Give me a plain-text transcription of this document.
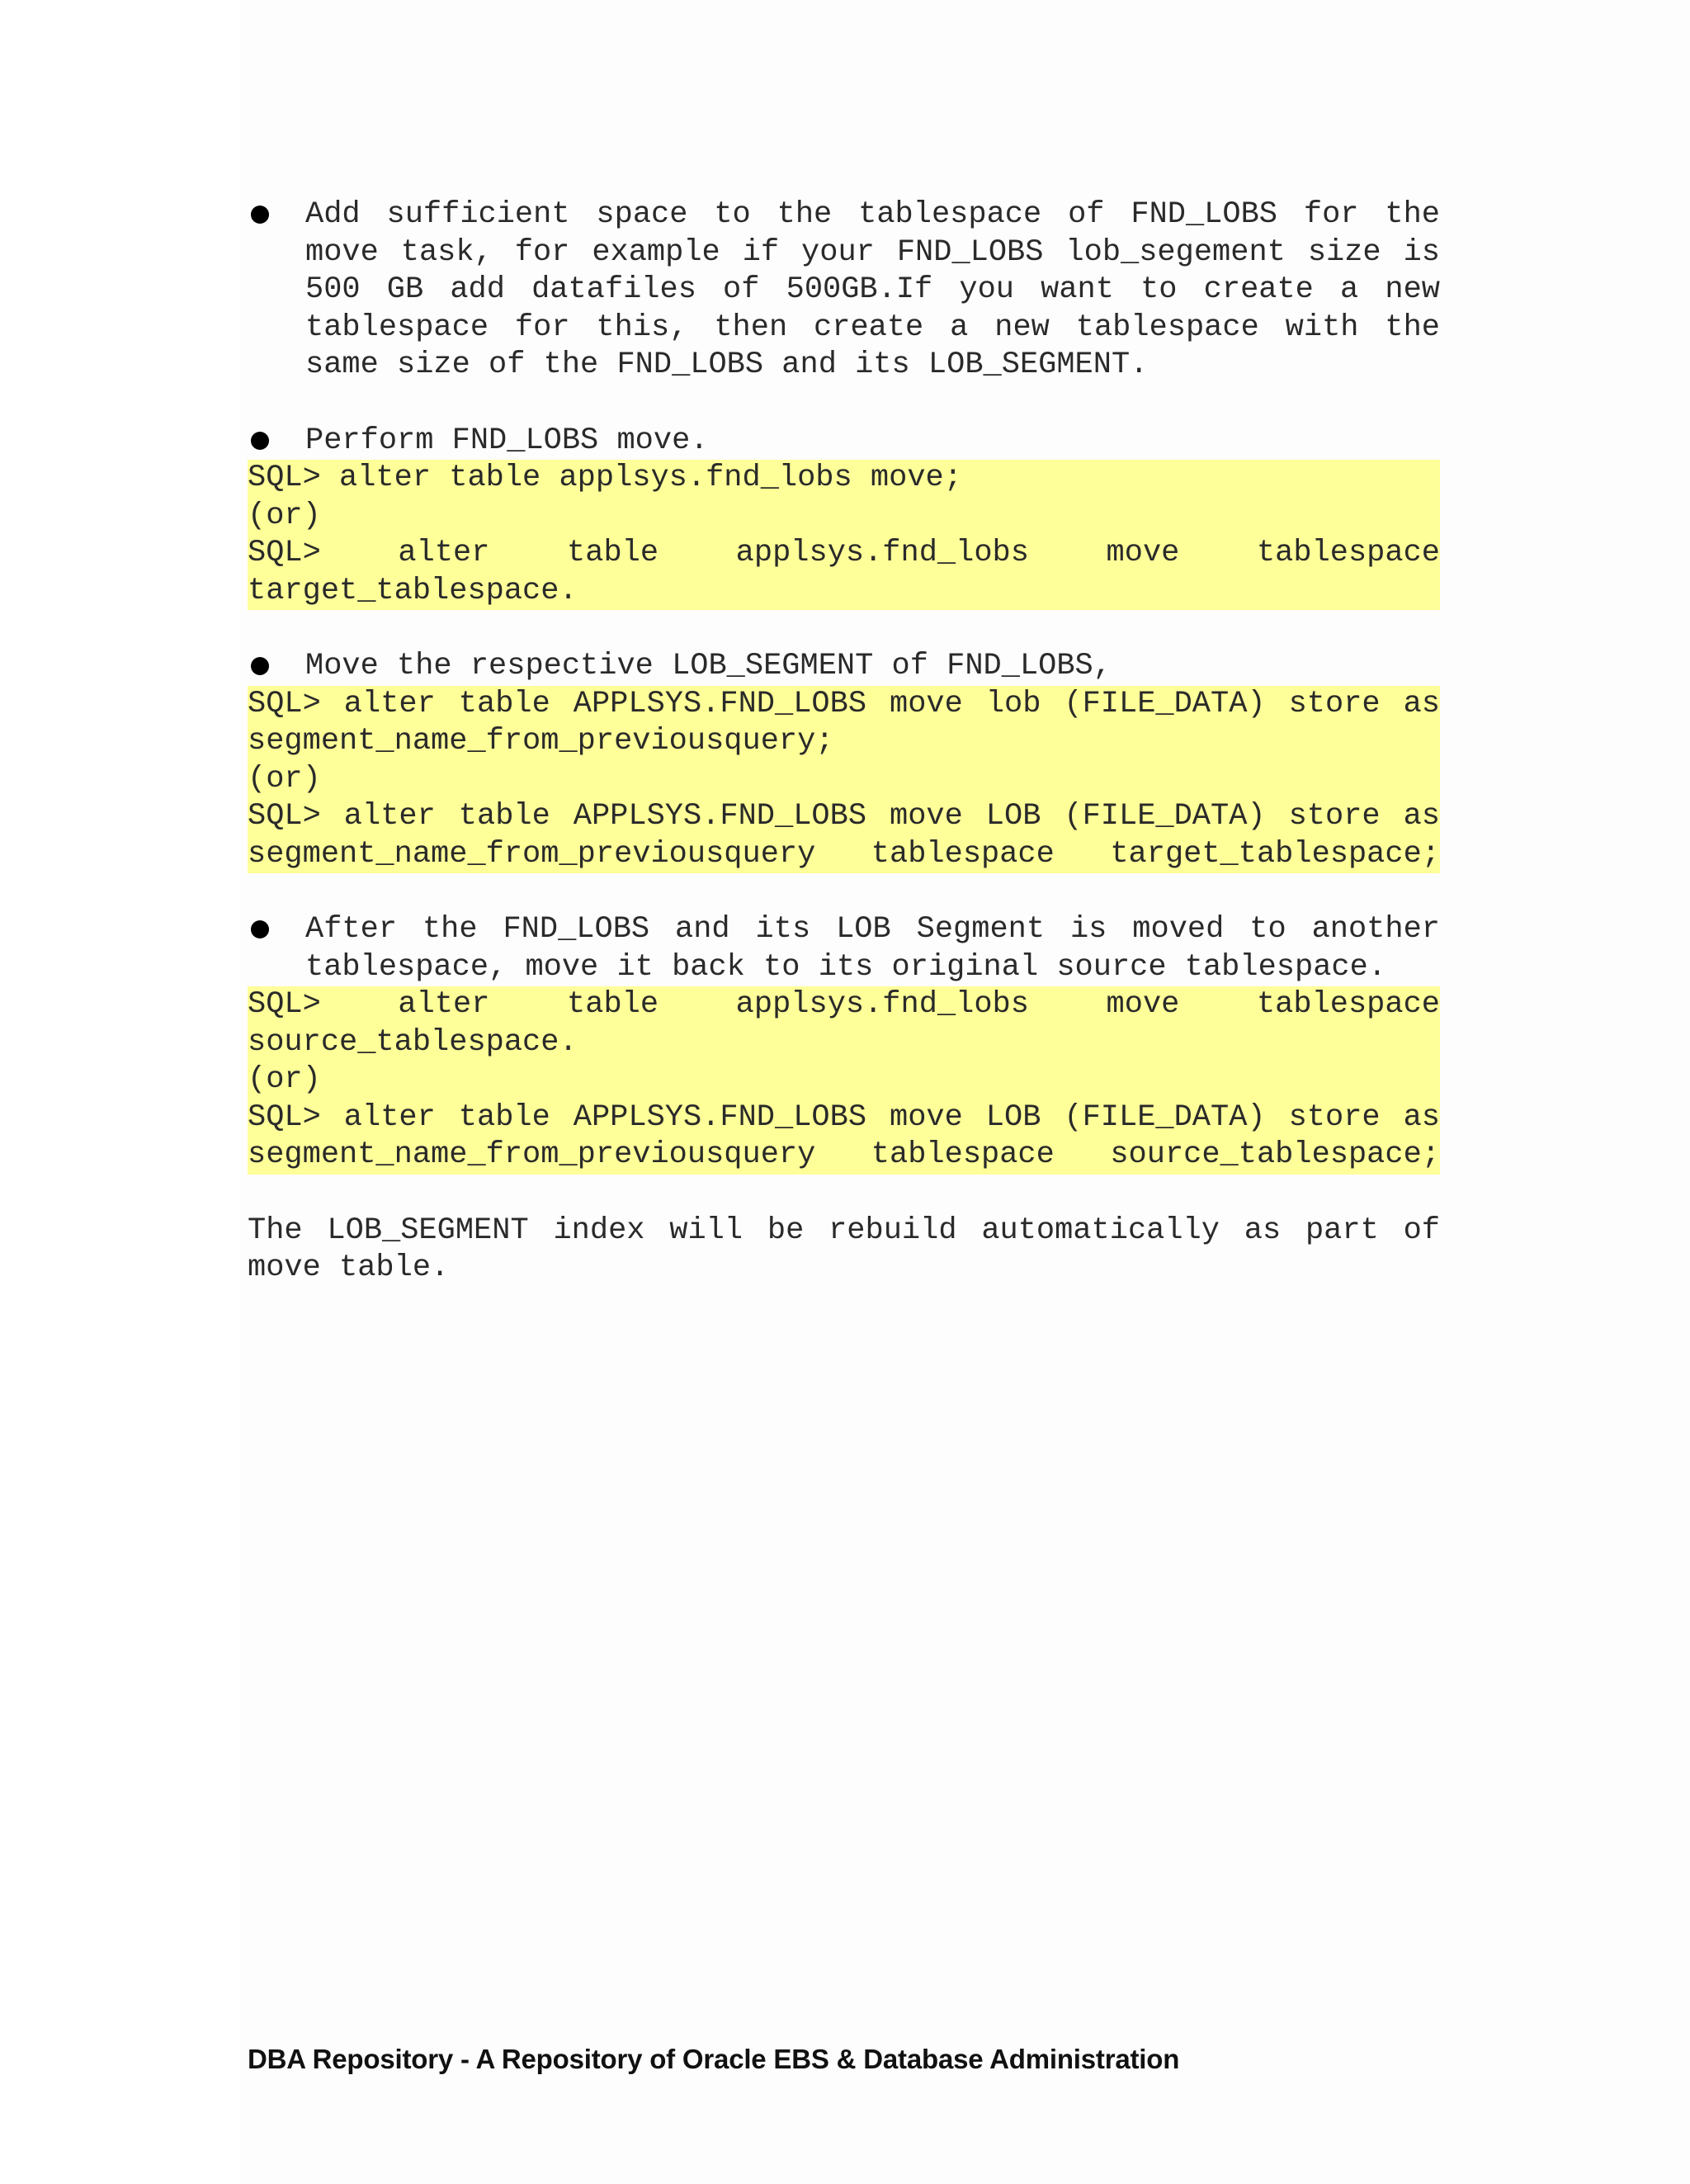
Add sufficient space to the tablespace of FND_LOBS for the
move task, for example if your FND_LOBS lob_segement size is
500 GB add datafiles of 500GB.If you want to create a new
tablespace for this, then create a new tablespace with the
same size of the FND_LOBS and its LOB_SEGMENT.
Perform FND_LOBS move.
SQL> alter table applsys.fnd_lobs move;
(or)
SQL> alter table applsys.fnd_lobs move tablespace
target_tablespace.
Move the respective LOB_SEGMENT of FND_LOBS,
SQL> alter table APPLSYS.FND_LOBS move lob (FILE_DATA) store as
segment_name_from_previousquery;
(or)
SQL> alter table APPLSYS.FND_LOBS move LOB (FILE_DATA) store as
segment_name_from_previousquery tablespace target_tablespace;
After the FND_LOBS and its LOB Segment is moved to another
tablespace, move it back to its original source tablespace.
SQL> alter table applsys.fnd_lobs move tablespace
source_tablespace.
(or)
SQL> alter table APPLSYS.FND_LOBS move LOB (FILE_DATA) store as
segment_name_from_previousquery tablespace source_tablespace;
The LOB_SEGMENT index will be rebuild automatically as part of
move table.
DBA Repository - A Repository of Oracle EBS & Database Administration
